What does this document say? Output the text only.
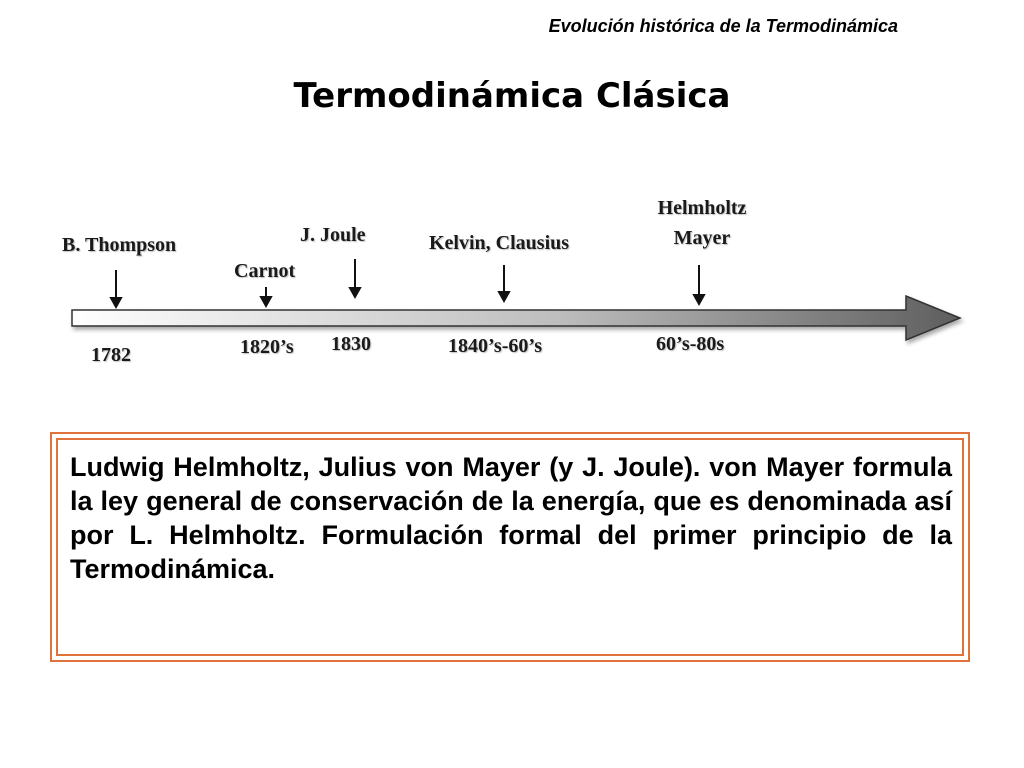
Evolución histórica de la Termodinámica
Termodinámica Clásica
B. Thompson
1782
Carnot
1820’s
J. Joule
1830
Kelvin, Clausius
1840’s-60’s
Helmholtz
Mayer
60’s-80s

Ludwig Helmholtz, Julius von Mayer (y J. Joule). von Mayer formula la ley general de conservación de la energía, que es denominada así por L. Helmholtz. Formulación formal del primer principio de la Termodinámica.
